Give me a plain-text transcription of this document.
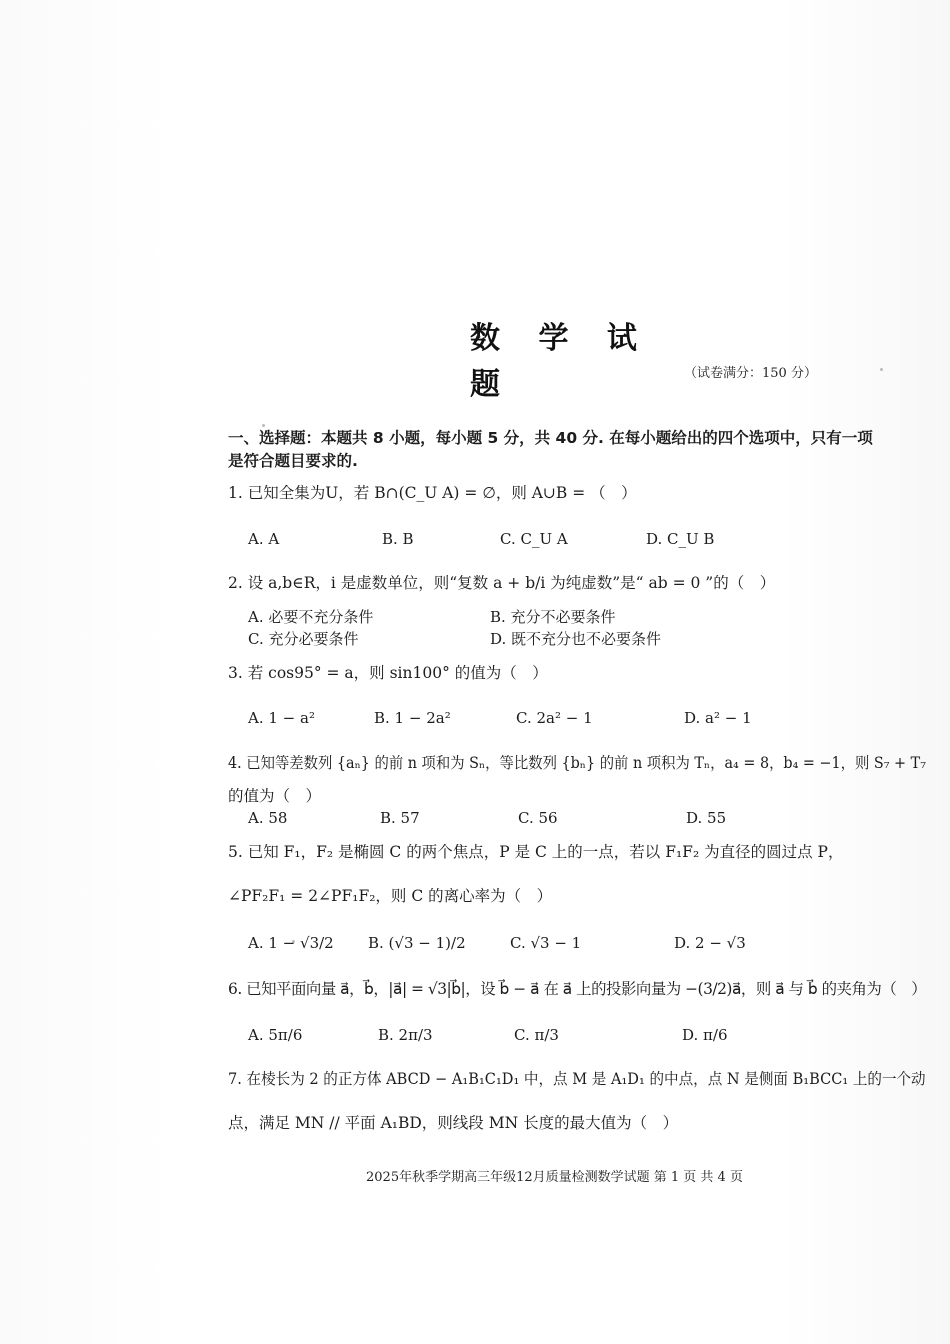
数 学 试 题	（试卷满分：150 分）
一、选择题：本题共 8 小题，每小题 5 分，共 40 分. 在每小题给出的四个选项中，只有一项
是符合题目要求的.
1. 已知全集为U，若 B∩(C_U A) = ∅，则 A∪B = （　）
A. A	B. B	C. C_U A	D. C_U B
2. 设 a,b∈R，i 是虚数单位，则“复数 a + b/i 为纯虚数”是“ ab = 0 ”的（　）
A. 必要不充分条件	B. 充分不必要条件
C. 充分必要条件	D. 既不充分也不必要条件
3. 若 cos95° = a，则 sin100° 的值为（　）
A. 1 − a²	B. 1 − 2a²	C. 2a² − 1	D. a² − 1
4. 已知等差数列 {aₙ} 的前 n 项和为 Sₙ，等比数列 {bₙ} 的前 n 项积为 Tₙ，a₄ = 8，b₄ = −1，则 S₇ + T₇
的值为（　）
A. 58	B. 57	C. 56	D. 55
5. 已知 F₁，F₂ 是椭圆 C 的两个焦点，P 是 C 上的一点，若以 F₁F₂ 为直径的圆过点 P，
∠PF₂F₁ = 2∠PF₁F₂，则 C 的离心率为（　）
A. 1 − √3/2 B. (√3 − 1)/2	C. √3 − 1	D. 2 − √3
6. 已知平面向量 a⃗，b⃗，|a⃗| = √3|b⃗|，设 b⃗ − a⃗ 在 a⃗ 上的投影向量为 −(3/2)a⃗，则 a⃗ 与 b⃗ 的夹角为（　）
A. 5π/6	B. 2π/3	C. π/3	D. π/6
7. 在棱长为 2 的正方体 ABCD − A₁B₁C₁D₁ 中，点 M 是 A₁D₁ 的中点，点 N 是侧面 B₁BCC₁ 上的一个动
点，满足 MN // 平面 A₁BD，则线段 MN 长度的最大值为（　）
2025年秋季学期高三年级12月质量检测数学试题 第 1 页 共 4 页
